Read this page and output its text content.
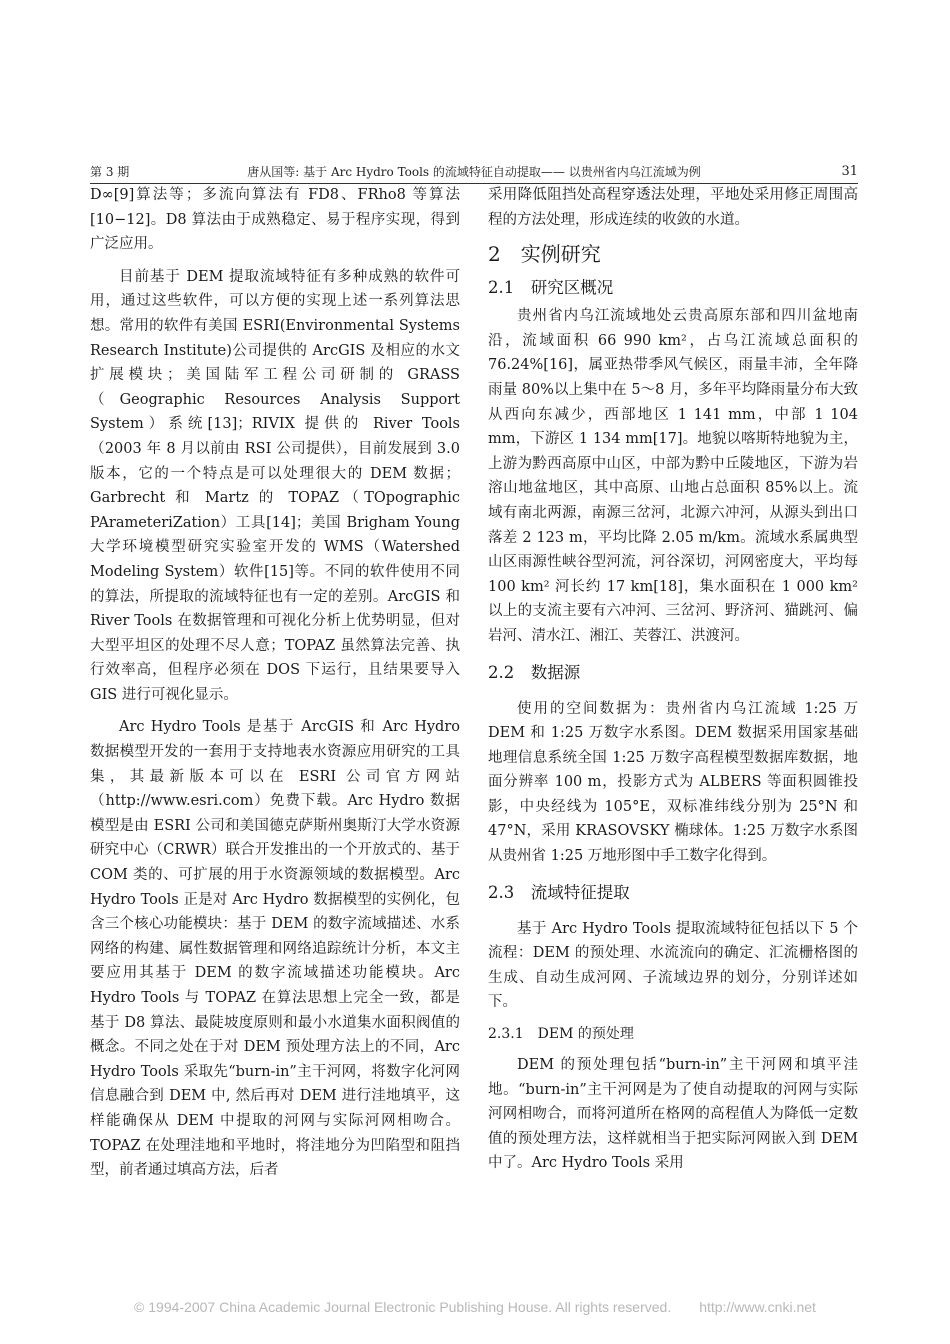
第 3 期	唐从国等: 基于 Arc Hydro Tools 的流域特征自动提取—— 以贵州省内乌江流域为例	31

D∞[9]算法等；多流向算法有 FD8、FRho8 等算法[10−12]。D8 算法由于成熟稳定、易于程序实现，得到广泛应用。

目前基于 DEM 提取流域特征有多种成熟的软件可用，通过这些软件，可以方便的实现上述一系列算法思想。常用的软件有美国 ESRI(Environmental Systems Research Institute)公司提供的 ArcGIS 及相应的水文扩展模块；美国陆军工程公司研制的 GRASS（Geographic Resources Analysis Support System）系统[13]；RIVIX 提供的 River Tools（2003 年 8 月以前由 RSI 公司提供），目前发展到 3.0 版本，它的一个特点是可以处理很大的 DEM 数据；Garbrecht 和 Martz 的 TOPAZ（TOpographic PArameteriZation）工具[14]；美国 Brigham Young 大学环境模型研究实验室开发的 WMS（Watershed Modeling System）软件[15]等。不同的软件使用不同的算法，所提取的流域特征也有一定的差别。ArcGIS 和 River Tools 在数据管理和可视化分析上优势明显，但对大型平坦区的处理不尽人意；TOPAZ 虽然算法完善、执行效率高，但程序必须在 DOS 下运行，且结果要导入 GIS 进行可视化显示。

Arc Hydro Tools 是基于 ArcGIS 和 Arc Hydro 数据模型开发的一套用于支持地表水资源应用研究的工具集，其最新版本可以在 ESRI 公司官方网站（http://www.esri.com）免费下载。Arc Hydro 数据模型是由 ESRI 公司和美国德克萨斯州奥斯汀大学水资源研究中心（CRWR）联合开发推出的一个开放式的、基于 COM 类的、可扩展的用于水资源领域的数据模型。Arc Hydro Tools 正是对 Arc Hydro 数据模型的实例化，包含三个核心功能模块：基于 DEM 的数字流域描述、水系网络的构建、属性数据管理和网络追踪统计分析，本文主要应用其基于 DEM 的数字流域描述功能模块。Arc Hydro Tools 与 TOPAZ 在算法思想上完全一致，都是基于 D8 算法、最陡坡度原则和最小水道集水面积阀值的概念。不同之处在于对 DEM 预处理方法上的不同，Arc Hydro Tools 采取先“burn-in”主干河网，将数字化河网信息融合到 DEM 中, 然后再对 DEM 进行洼地填平，这样能确保从 DEM 中提取的河网与实际河网相吻合。TOPAZ 在处理洼地和平地时，将洼地分为凹陷型和阻挡型，前者通过填高方法，后者

采用降低阻挡处高程穿透法处理，平地处采用修正周围高程的方法处理，形成连续的收敛的水道。

2　实例研究
2.1　研究区概况

贵州省内乌江流域地处云贵高原东部和四川盆地南沿，流域面积 66 990 km²，占乌江流域总面积的 76.24%[16]，属亚热带季风气候区，雨量丰沛，全年降雨量 80%以上集中在 5～8 月，多年平均降雨量分布大致从西向东减少，西部地区 1 141 mm，中部 1 104 mm，下游区 1 134 mm[17]。地貌以喀斯特地貌为主，上游为黔西高原中山区，中部为黔中丘陵地区，下游为岩溶山地盆地区，其中高原、山地占总面积 85%以上。流域有南北两源，南源三岔河，北源六冲河，从源头到出口落差 2 123 m，平均比降 2.05 m/km。流域水系属典型山区雨源性峡谷型河流，河谷深切，河网密度大，平均每 100 km² 河长约 17 km[18]，集水面积在 1 000 km² 以上的支流主要有六冲河、三岔河、野济河、猫跳河、偏岩河、清水江、湘江、芙蓉江、洪渡河。

2.2　数据源

使用的空间数据为：贵州省内乌江流域 1:25 万 DEM 和 1:25 万数字水系图。DEM 数据采用国家基础地理信息系统全国 1:25 万数字高程模型数据库数据，地面分辨率 100 m，投影方式为 ALBERS 等面积圆锥投影，中央经线为 105°E，双标准纬线分别为 25°N 和 47°N，采用 KRASOVSKY 椭球体。1:25 万数字水系图从贵州省 1:25 万地形图中手工数字化得到。

2.3　流域特征提取

基于 Arc Hydro Tools 提取流域特征包括以下 5 个流程：DEM 的预处理、水流流向的确定、汇流栅格图的生成、自动生成河网、子流域边界的划分，分别详述如下。

2.3.1　DEM 的预处理

DEM 的预处理包括“burn-in”主干河网和填平洼地。“burn-in”主干河网是为了使自动提取的河网与实际河网相吻合，而将河道所在格网的高程值人为降低一定数值的预处理方法，这样就相当于把实际河网嵌入到 DEM 中了。Arc Hydro Tools 采用

© 1994-2007 China Academic Journal Electronic Publishing House. All rights reserved.　　http://www.cnki.net
